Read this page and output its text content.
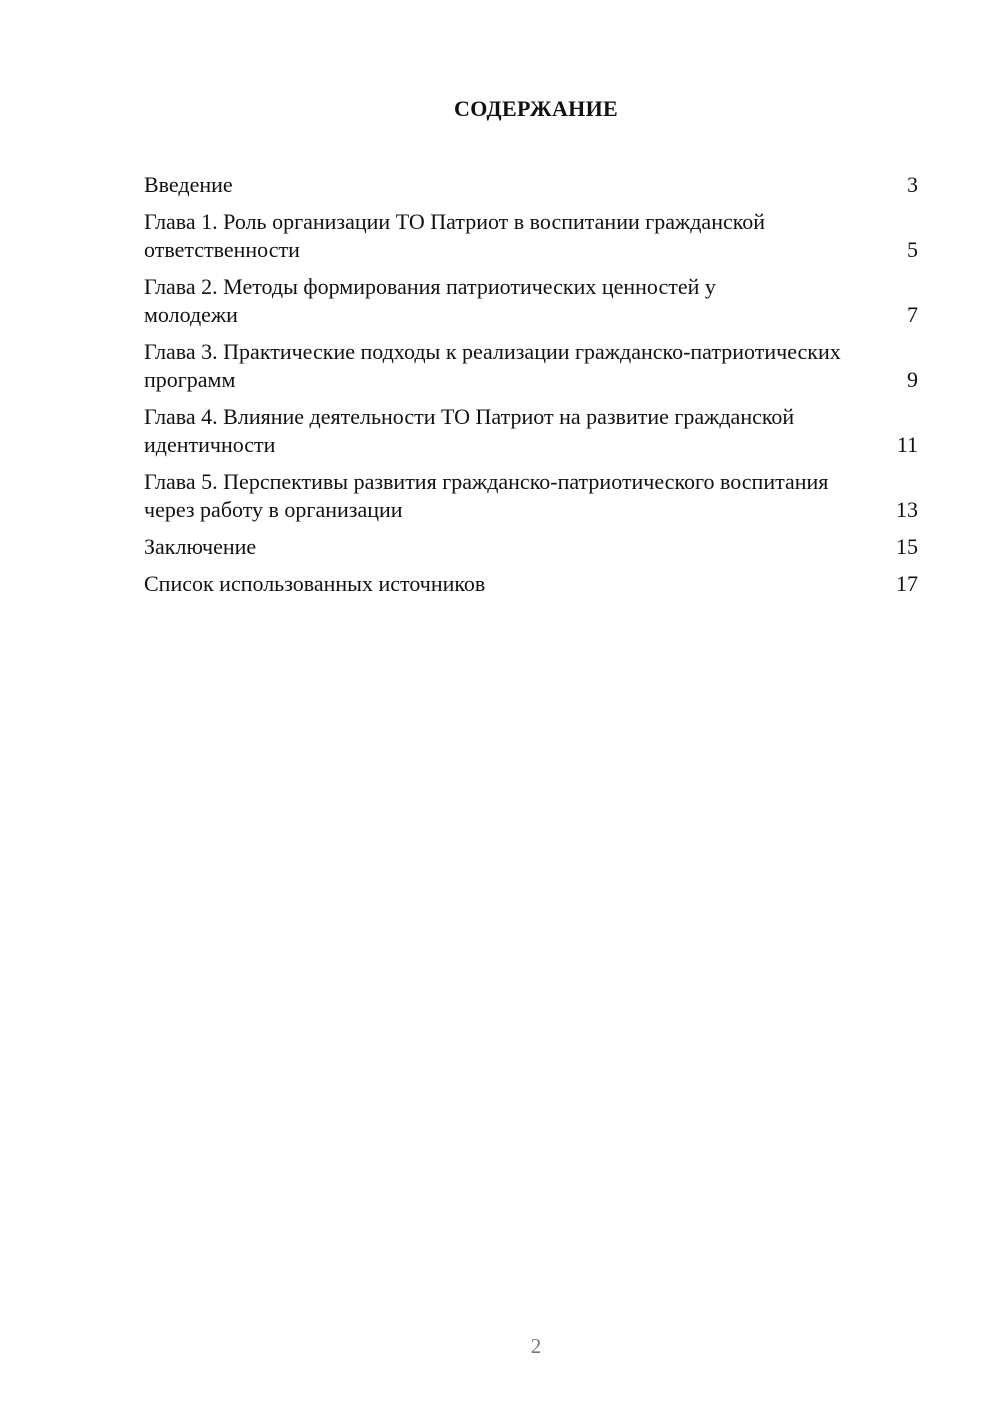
СОДЕРЖАНИЕ
Введение	3
Глава 1. Роль организации ТО Патриот в воспитании гражданской ответственности	5
Глава 2. Методы формирования патриотических ценностей у молодежи	7
Глава 3. Практические подходы к реализации гражданско-патриотических программ	9
Глава 4. Влияние деятельности ТО Патриот на развитие гражданской идентичности	11
Глава 5. Перспективы развития гражданско-патриотического воспитания через работу в организации	13
Заключение	15
Список использованных источников	17
2
